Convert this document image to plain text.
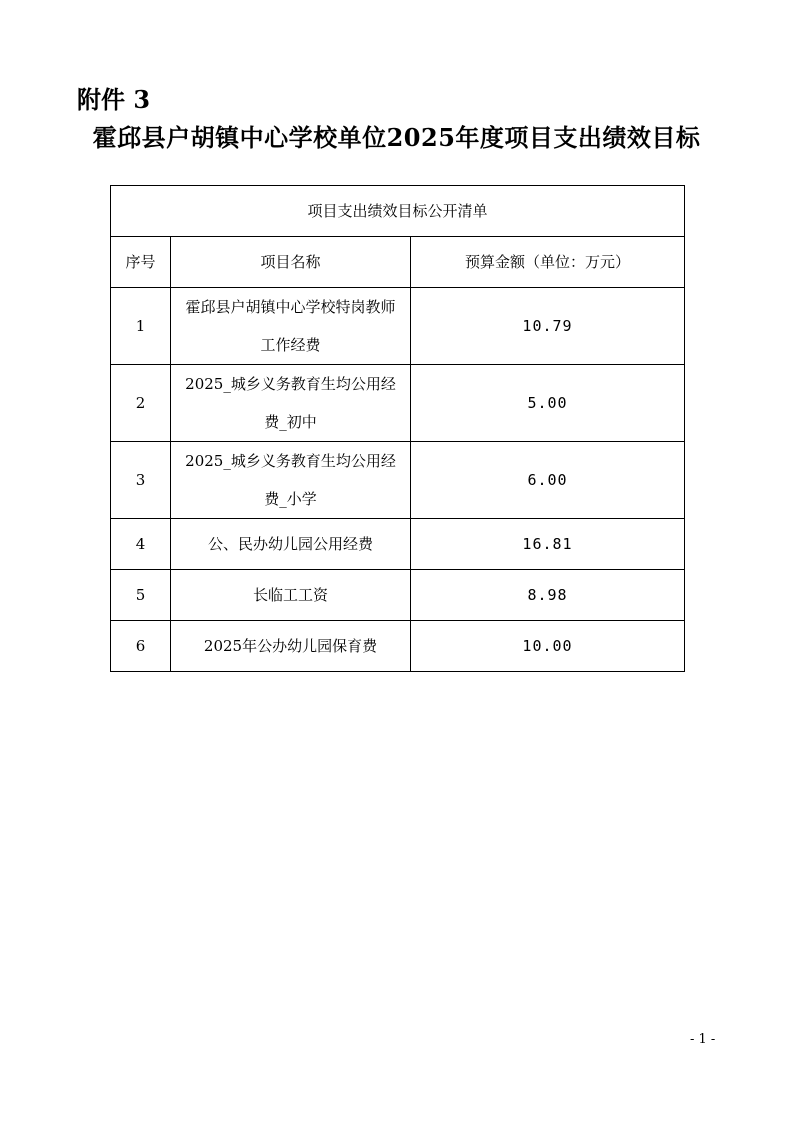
附件 3
霍邱县户胡镇中心学校单位2025年度项目支出绩效目标
项目支出绩效目标公开清单		
序号	项目名称	预算金额（单位：万元）
1	霍邱县户胡镇中心学校特岗教师工作经费	10.79
2	2025_城乡义务教育生均公用经费_初中	5.00
3	2025_城乡义务教育生均公用经费_小学	6.00
4	公、民办幼儿园公用经费	16.81
5	长临工工资	8.98
6	2025年公办幼儿园保育费	10.00
- 1 -
